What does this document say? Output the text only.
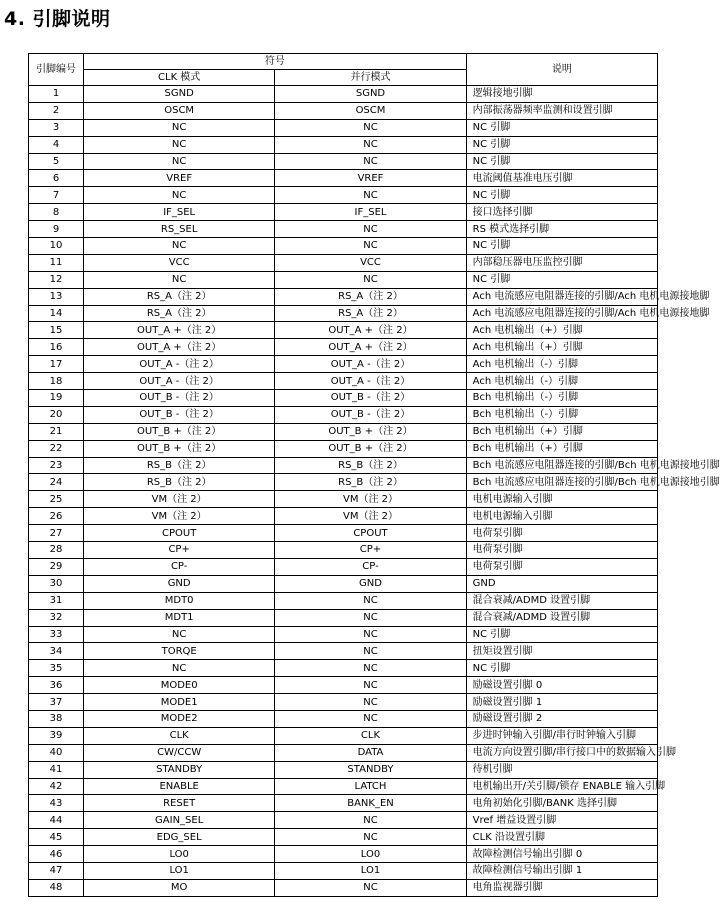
4. 引脚说明
引脚编号	符号		说明
	CLK 模式	并行模式	
1	SGND	SGND	逻辑接地引脚
2	OSCM	OSCM	内部振荡器频率监测和设置引脚
3	NC	NC	NC 引脚
4	NC	NC	NC 引脚
5	NC	NC	NC 引脚
6	VREF	VREF	电流阈值基准电压引脚
7	NC	NC	NC 引脚
8	IF_SEL	IF_SEL	接口选择引脚
9	RS_SEL	NC	RS 模式选择引脚
10	NC	NC	NC 引脚
11	VCC	VCC	内部稳压器电压监控引脚
12	NC	NC	NC 引脚
13	RS_A（注 2）	RS_A（注 2）	Ach 电流感应电阻器连接的引脚/Ach 电机电源接地脚
14	RS_A（注 2）	RS_A（注 2）	Ach 电流感应电阻器连接的引脚/Ach 电机电源接地脚
15	OUT_A +（注 2）	OUT_A +（注 2）	Ach 电机输出（+）引脚
16	OUT_A +（注 2）	OUT_A +（注 2）	Ach 电机输出（+）引脚
17	OUT_A -（注 2）	OUT_A -（注 2）	Ach 电机输出（-）引脚
18	OUT_A -（注 2）	OUT_A -（注 2）	Ach 电机输出（-）引脚
19	OUT_B -（注 2）	OUT_B -（注 2）	Bch 电机输出（-）引脚
20	OUT_B -（注 2）	OUT_B -（注 2）	Bch 电机输出（-）引脚
21	OUT_B +（注 2）	OUT_B +（注 2）	Bch 电机输出（+）引脚
22	OUT_B +（注 2）	OUT_B +（注 2）	Bch 电机输出（+）引脚
23	RS_B（注 2）	RS_B（注 2）	Bch 电流感应电阻器连接的引脚/Bch 电机电源接地引脚
24	RS_B（注 2）	RS_B（注 2）	Bch 电流感应电阻器连接的引脚/Bch 电机电源接地引脚
25	VM（注 2）	VM（注 2）	电机电源输入引脚
26	VM（注 2）	VM（注 2）	电机电源输入引脚
27	CPOUT	CPOUT	电荷泵引脚
28	CP+	CP+	电荷泵引脚
29	CP-	CP-	电荷泵引脚
30	GND	GND	GND
31	MDT0	NC	混合衰减/ADMD 设置引脚
32	MDT1	NC	混合衰减/ADMD 设置引脚
33	NC	NC	NC 引脚
34	TORQE	NC	扭矩设置引脚
35	NC	NC	NC 引脚
36	MODE0	NC	励磁设置引脚 0
37	MODE1	NC	励磁设置引脚 1
38	MODE2	NC	励磁设置引脚 2
39	CLK	CLK	步进时钟输入引脚/串行时钟输入引脚
40	CW/CCW	DATA	电流方向设置引脚/串行接口中的数据输入引脚
41	STANDBY	STANDBY	待机引脚
42	ENABLE	LATCH	电机输出开/关引脚/锁存 ENABLE 输入引脚
43	RESET	BANK_EN	电角初始化引脚/BANK 选择引脚
44	GAIN_SEL	NC	Vref 增益设置引脚
45	EDG_SEL	NC	CLK 沿设置引脚
46	LO0	LO0	故障检测信号输出引脚 0
47	LO1	LO1	故障检测信号输出引脚 1
48	MO	NC	电角监视器引脚
